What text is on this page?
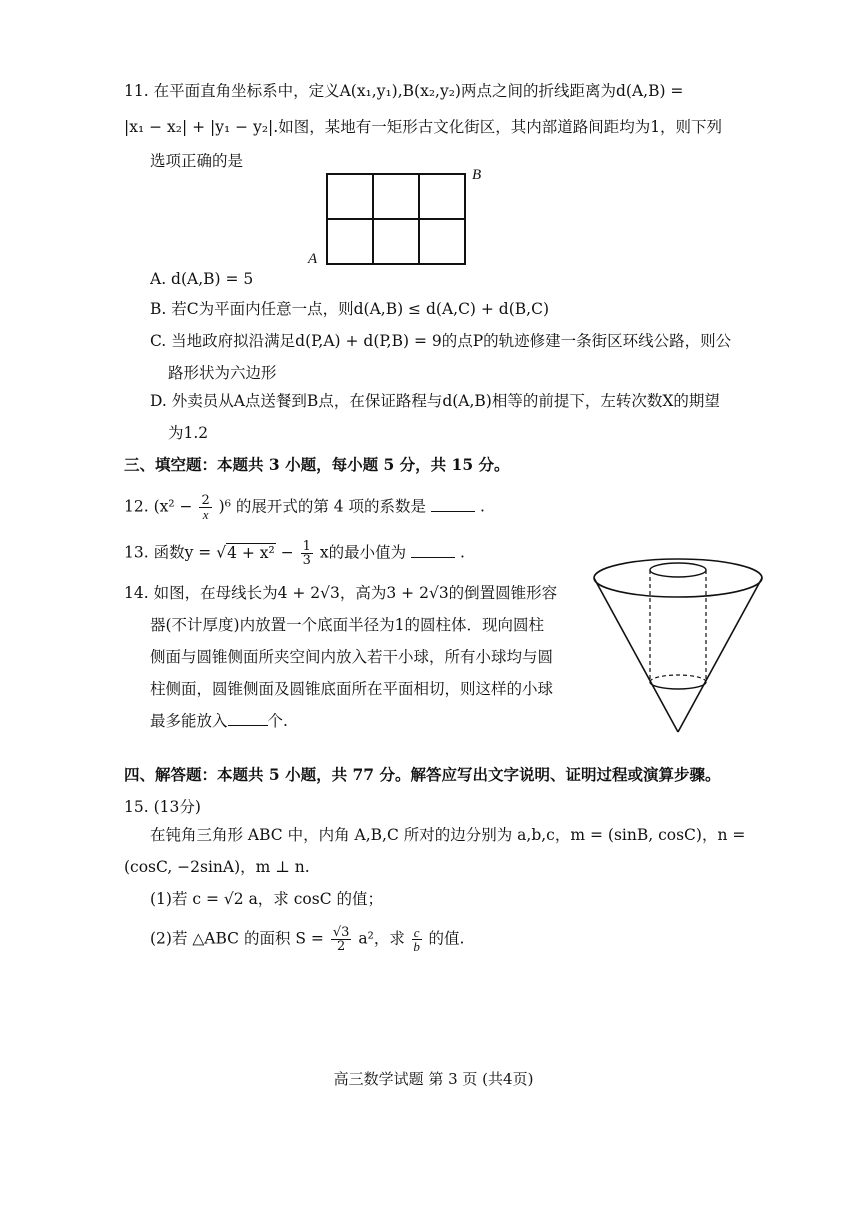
11. 在平面直角坐标系中，定义A(x₁,y₁),B(x₂,y₂)两点之间的折线距离为d(A,B) =
|x₁ − x₂| + |y₁ − y₂|.如图，某地有一矩形古文化街区，其内部道路间距均为1，则下列
选项正确的是
A
B
A. d(A,B) = 5
B. 若C为平面内任意一点，则d(A,B) ≤ d(A,C) + d(B,C)
C. 当地政府拟沿满足d(P,A) + d(P,B) = 9的点P的轨迹修建一条街区环线公路，则公
路形状为六边形
D. 外卖员从A点送餐到B点，在保证路程与d(A,B)相等的前提下，左转次数X的期望
为1.2
三、填空题：本题共 3 小题，每小题 5 分，共 15 分。
12. $(x^2 - \frac{2}{x} )^6$ 的展开式的第 4 项的系数是	.
13. 函数$y = √4 + x^2 - \frac{1}{3}$ x的最小值为	.
14. 如图，在母线长为4 + 2√3，高为3 + 2√3的倒置圆锥形容
器(不计厚度)内放置一个底面半径为1的圆柱体．现向圆柱
侧面与圆锥侧面所夹空间内放入若干小球，所有小球均与圆
柱侧面，圆锥侧面及圆锥底面所在平面相切，则这样的小球
最多能放入	个.
四、解答题：本题共 5 小题，共 77 分。解答应写出文字说明、证明过程或演算步骤。
15. (13分)
在钝角三角形 ABC 中，内角 A,B,C 所对的边分别为 a,b,c，m = (sinB, cosC)，n =
(cosC, −2sinA)，m ⊥ n.
(1)若 c = √2 a，求 cosC 的值；
(2)若 △ABC 的面积 $S = \frac{√3}{2} a^2$，求 $\frac{c}{b}$ 的值.
高三数学试题 第 3 页 (共4页)
